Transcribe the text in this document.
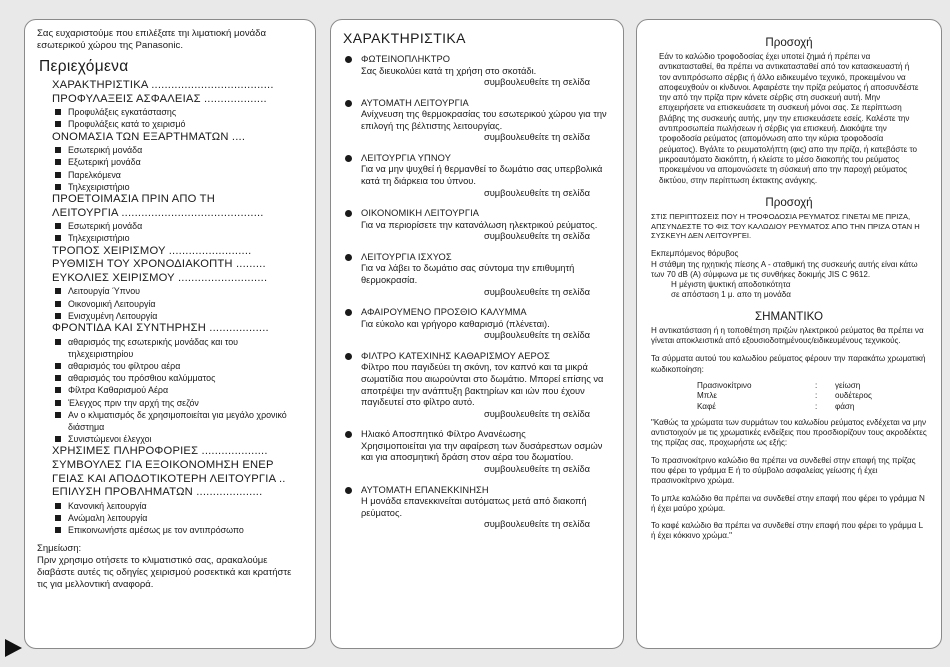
Σας ευχαριστούμε που επιλέξατε τηι λιματιoκή μονάδα εσωτερικού χώρου της Panasonic.
Περιεχόμενα
ΧΑΡΑΚΤΗΡΙΣΤΙΚΑ .....................................
ΠΡΟΦΥΛΑΞΕΙΣ ΑΣΦΑΛΕΙΑΣ ...................
Προφυλάξεις εγκατάστασης
Προφυλάξεις κατά το χειρισμό
ΟΝΟΜΑΣΙΑ ΤΩΝ ΕΞΑΡΤΗΜΑΤΩΝ ....
Εσωτερική μονάδα
Εξωτερική μονάδα
Παρελκόμενα
Τηλεχειριστήριο
ΠΡΟΕΤΟΙΜΑΣΙΑ ΠΡΙΝ ΑΠΟ ΤΗ
ΛΕΙΤΟΥΡΓΙΑ ...........................................
Εσωτερική μονάδα
Τηλεχειριστήριο
ΤΡΟΠΟΣ ΧΕΙΡΙΣΜΟΥ .........................
ΡΥΘΜΙΣΗ ΤΟΥ ΧΡΟΝΟΔΙΑΚΟΠΤΗ .........
ΕΥΚΟΛΙΕΣ ΧΕΙΡΙΣΜΟΥ ...........................
Λειτουργία Ύπνου
Οικονομική Λειτουργία
Ενισχυμένη Λειτουργία
ΦΡΟΝΤΙΔΑ ΚΑΙ ΣΥΝΤΗΡΗΣΗ ..................
αθαρισμός της εσωτερικής μονάδας και του τηλεχειριστηρίου
αθαρισμός του φίλτρου αέρα
αθαρισμός του πρόσθιου καλύμματος
Φίλτρα Καθαρισμού Αέρα
Έλεγχος πριν την αρχή της σεζόν
Αν ο κλιματισμός δε χρησιμοποιείται για μεγάλο χρονικό διάστημα
Συνιστώμενοι έλεγχοι
ΧΡΗΣΙΜΕΣ ΠΛΗΡΟΦΟΡΙΕΣ ....................
ΣΥΜΒΟΥΛΕΣ ΓΙΑ ΕΞΟΙΚΟΝΟΜΗΣΗ ΕΝΕΡ
ΓΕΙΑΣ ΚΑΙ ΑΠΟΔΟΤΙΚΟΤΕΡΗ ΛΕΙΤΟΥΡΓΙΑ ..
ΕΠΙΛΥΣΗ ΠΡΟΒΛΗΜΑΤΩΝ ....................
Κανονική λειτουργία
Ανώμαλη λειτουργία
Επικοινωνήστε αμέσως με τον αντιπρόσωπο
Σημείωση:
Πριν χρησιμο οτήσετε το κλιματιστικό σας, αρακαλούμε διαβάστε αυτές τις οδηγίες χειρισμού ροσεκτικά και κρατήστε τις για μελλοντική αναφορά.
ΧΑΡΑΚΤΗΡΙΣΤΙΚΑ
ΦΩΤΕΙΝΟΠΛΗΚΤΡΟ
Σας διευκολύει κατά τη χρήση στο σκοτάδι.
συμβουλευθείτε τη σελίδα
ΑΥΤΟΜΑΤΗ ΛΕΙΤΟΥΡΓΙΑ
Ανίχνευση της θερμοκρασίας του εσωτερικού χώρου για την επιλογή της βέλτιστης λειτουργίας.
συμβουλευθείτε τη σελίδα
ΛΕΙΤΟΥΡΓΙΑ ΥΠΝΟΥ
Για να μην ψυχθεί ή θερμανθεί το δωμάτιο σας υπερβολικά κατά τη διάρκεια του ύπνου.
συμβουλευθείτε τη σελίδα
ΟΙΚΟΝΟΜΙΚΗ ΛΕΙΤΟΥΡΓΙΑ
Για να περιορίσετε την κατανάλωση ηλεκτρικού ρεύματος.
συμβουλευθείτε τη σελίδα
ΛΕΙΤΟΥΡΓΙΑ ΙΣΧΥΟΣ
Για να λάβει το δωμάτιο σας σύντομα την επιθυμητή θερμοκρασία.
συμβουλευθείτε τη σελίδα
ΑΦΑΙΡΟΥΜΕΝΟ ΠΡΟΣΘΙΟ ΚΑΛΥΜΜΑ
Για εύκολο και γρήγορο καθαρισμό (πλένεται).
συμβουλευθείτε τη σελίδα
ΦΙΛΤΡΟ ΚΑΤΕΧΙΝΗΣ ΚΑΘΑΡΙΣΜΟΥ ΑΕΡΟΣ
Φίλτρο που παγιδεύει τη σκόνη, τον καπνό και τα μικρά σωματίδια που αιωρούνται στο δωμάτιο. Μπορεί επίσης να αποτρέψει την ανάπτυξη βακτηρίων και ιών που έχουν παγιδευτεί στο φίλτρο αυτό.
συμβουλευθείτε τη σελίδα
Ηλιακό Αποσπητικό Φίλτρο Ανανέωσης
Χρησιμοποιείται για την αφαίρεση των δυσάρεστων οσμών και για αποσμητική δράση στον αέρα του δωματίου.
συμβουλευθείτε τη σελίδα
ΑΥΤΟΜΑΤΗ ΕΠΑΝΕΚΚΙΝΗΣΗ
Η μονάδα επανεκκινείται αυτόματως μετά από διακοπή ρεύματος.
συμβουλευθείτε τη σελίδα
Προσοχή
Εάν το καλώδιο τροφοδοσίας έχει υποτεί ζημιά ή πρέπει να αντικατασταθεί, θα πρέπει να αντικατασταθεί από τον κατασκευαστή ή τον αντιπρόσωπο σέρβις ή άλλο ειδικευμένο τεχνικό, προκειμένου να αποφευχθούν οι κίνδυνοι. Αφαιρέστε την πρίζα ρεύματος ή αποσυνδέστε την από την πρίζα πριν κάνετε σέρβις στη συσκευή αυτή. Μην επιχειρήσετε να επισκευάσετε τη συσκευή μόνοι σας. Σε περίπτωση βλάβης της συσκευής αυτής, μην την επισκευάσετε εσείς. Καλέστε την αντιπροσωπεία πωλήσεων ή σέρβις για επισκευή. Διακόψτε την τροφοδοσία ρεύματος (απομόνωση απο την κύρια τροφοδοσία ρεύματος). Βγάλτε το ρευματολήπτη (φις) απο την πρίζα, ή κατεβάστε το μικροαυτόματο διακόπτη, ή κλείστε το μέσο διακοπής του ρεύματος προκειμένου να απομονώσετε τη σύσκευή απο την παροχή ρεύματος δικτύου, στην περίπτωση έκτακτης ανάγκης.
Προσοχή
ΣΤΙΣ ΠΕΡΙΠΤΩΣΕΙΣ ΠΟΥ Η ΤΡΟΦΟΔΟΣΙΑ ΡΕΥΜΑΤΟΣ ΓΙΝΕΤΑΙ ΜΕ ΠΡΙΖΑ, ΑΠΣΥΝΔΕΣΤΕ ΤΟ ΦΙΣ ΤΟΥ ΚΑΛΩΔΙΟΥ ΡΕΥΜΑΤΟΣ ΑΠΟ ΤΗΝ ΠΡΙΖΑ ΟΤΑΝ Η ΣΥΣΚΕΥΗ ΔΕΝ ΛΕΙΤΟΥΡΓΕΙ.
Εκπεμπόμενος θόρυβος
Η στάθμη της ηχητικής πίεσης Α - σταθμική της συσκευής αυτής είναι κάτω των 70 dB (A) σύμφωνα με τις συνθήκες δοκιμής JIS C 9612.
Η μέγιστη ψυκτική αποδοτικότητα
σε απόσταση 1 μ. απο τη μονάδα
ΣΗΜΑΝΤΙΚΟ
Η αντικατάσταση ή η τοποθέτηση πριζών ηλεκτρικού ρεύματος θα πρέπει να γίνεται αποκλειστικά από εξουσιοδοτημένους/ειδικευμένους τεχνικούς.
Τα σύρματα αυτού του καλωδίου ρεύματος φέρουν την παρακάτω χρωματική κωδικοποίηση:
Πρασινοκίτρινο	:	γείωση
Μπλε	:	ουδέτερος
Καφέ	:	φάση
"Καθώς τα χρώματα των συρμάτων του καλωδίου ρεύματος ενδέχεται να μην αντιστοιχούν με τις χρωματικές ενδείξεις που προσδιορίζουν τους ακροδέκτες της πρίζας σας, προχωρήστε ως εξής:
Το πρασινοκίτρινο καλώδιο θα πρέπει να συνδεθεί στην επαφή της πρίζας που φέρει το γράμμα E ή το σύμβολο ασφαλείας γείωσης ή έχει πρασινοκίτρινο χρώμα.
Το μπλε καλώδιο θα πρέπει να συνδεθεί στην επαφή που φέρει το γράμμα N ή έχει μαύρο χρώμα.
Το καφέ καλώδιο θα πρέπει να συνδεθεί στην επαφή που φέρει το γράμμα L ή έχει κόκκινο χρώμα."
